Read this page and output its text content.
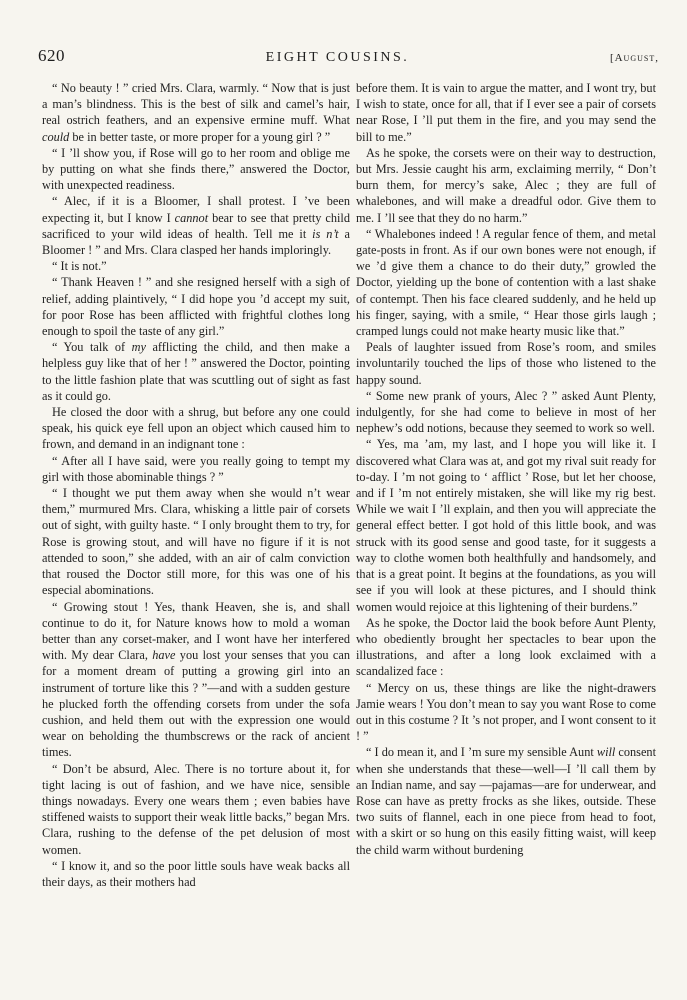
620	EIGHT COUSINS.	[August,

“ No beauty ! ” cried Mrs. Clara, warmly. “ Now that is just a man’s blindness. This is the best of silk and camel’s hair, real ostrich feathers, and an expensive ermine muff. What could be in better taste, or more proper for a young girl ? ”

“ I ’ll show you, if Rose will go to her room and oblige me by putting on what she finds there,” answered the Doctor, with unexpected readiness.

“ Alec, if it is a Bloomer, I shall protest. I ’ve been expecting it, but I know I cannot bear to see that pretty child sacrificed to your wild ideas of health. Tell me it is n’t a Bloomer ! ” and Mrs. Clara clasped her hands imploringly.

“ It is not.”

“ Thank Heaven ! ” and she resigned herself with a sigh of relief, adding plaintively, “ I did hope you ’d accept my suit, for poor Rose has been afflicted with frightful clothes long enough to spoil the taste of any girl.”

“ You talk of my afflicting the child, and then make a helpless guy like that of her ! ” answered the Doctor, pointing to the little fashion plate that was scuttling out of sight as fast as it could go.

He closed the door with a shrug, but before any one could speak, his quick eye fell upon an object which caused him to frown, and demand in an indignant tone :

“ After all I have said, were you really going to tempt my girl with those abominable things ? ”

“ I thought we put them away when she would n’t wear them,” murmured Mrs. Clara, whisking a little pair of corsets out of sight, with guilty haste. “ I only brought them to try, for Rose is growing stout, and will have no figure if it is not attended to soon,” she added, with an air of calm conviction that roused the Doctor still more, for this was one of his especial abominations.

“ Growing stout ! Yes, thank Heaven, she is, and shall continue to do it, for Nature knows how to mold a woman better than any corset-maker, and I wont have her interfered with. My dear Clara, have you lost your senses that you can for a moment dream of putting a growing girl into an instrument of torture like this ? ”—and with a sudden gesture he plucked forth the offending corsets from under the sofa cushion, and held them out with the expression one would wear on beholding the thumbscrews or the rack of ancient times.

“ Don’t be absurd, Alec. There is no torture about it, for tight lacing is out of fashion, and we have nice, sensible things nowadays. Every one wears them ; even babies have stiffened waists to support their weak little backs,” began Mrs. Clara, rushing to the defense of the pet delusion of most women.

“ I know it, and so the poor little souls have weak backs all their days, as their mothers had

before them. It is vain to argue the matter, and I wont try, but I wish to state, once for all, that if I ever see a pair of corsets near Rose, I ’ll put them in the fire, and you may send the bill to me.”

As he spoke, the corsets were on their way to destruction, but Mrs. Jessie caught his arm, exclaiming merrily, “ Don’t burn them, for mercy’s sake, Alec ; they are full of whalebones, and will make a dreadful odor. Give them to me. I ’ll see that they do no harm.”

“ Whalebones indeed ! A regular fence of them, and metal gate-posts in front. As if our own bones were not enough, if we ’d give them a chance to do their duty,” growled the Doctor, yielding up the bone of contention with a last shake of contempt. Then his face cleared suddenly, and he held up his finger, saying, with a smile, “ Hear those girls laugh ; cramped lungs could not make hearty music like that.”

Peals of laughter issued from Rose’s room, and smiles involuntarily touched the lips of those who listened to the happy sound.

“ Some new prank of yours, Alec ? ” asked Aunt Plenty, indulgently, for she had come to believe in most of her nephew’s odd notions, because they seemed to work so well.

“ Yes, ma ’am, my last, and I hope you will like it. I discovered what Clara was at, and got my rival suit ready for to-day. I ’m not going to ‘ afflict ’ Rose, but let her choose, and if I ’m not entirely mistaken, she will like my rig best. While we wait I ’ll explain, and then you will appreciate the general effect better. I got hold of this little book, and was struck with its good sense and good taste, for it suggests a way to clothe women both healthfully and handsomely, and that is a great point. It begins at the foundations, as you will see if you will look at these pictures, and I should think women would rejoice at this lightening of their burdens.”

As he spoke, the Doctor laid the book before Aunt Plenty, who obediently brought her spectacles to bear upon the illustrations, and after a long look exclaimed with a scandalized face :

“ Mercy on us, these things are like the night-drawers Jamie wears ! You don’t mean to say you want Rose to come out in this costume ? It ’s not proper, and I wont consent to it ! ”

“ I do mean it, and I ’m sure my sensible Aunt will consent when she understands that these—well—I ’ll call them by an Indian name, and say —pajamas—are for underwear, and Rose can have as pretty frocks as she likes, outside. These two suits of flannel, each in one piece from head to foot, with a skirt or so hung on this easily fitting waist, will keep the child warm without burdening
